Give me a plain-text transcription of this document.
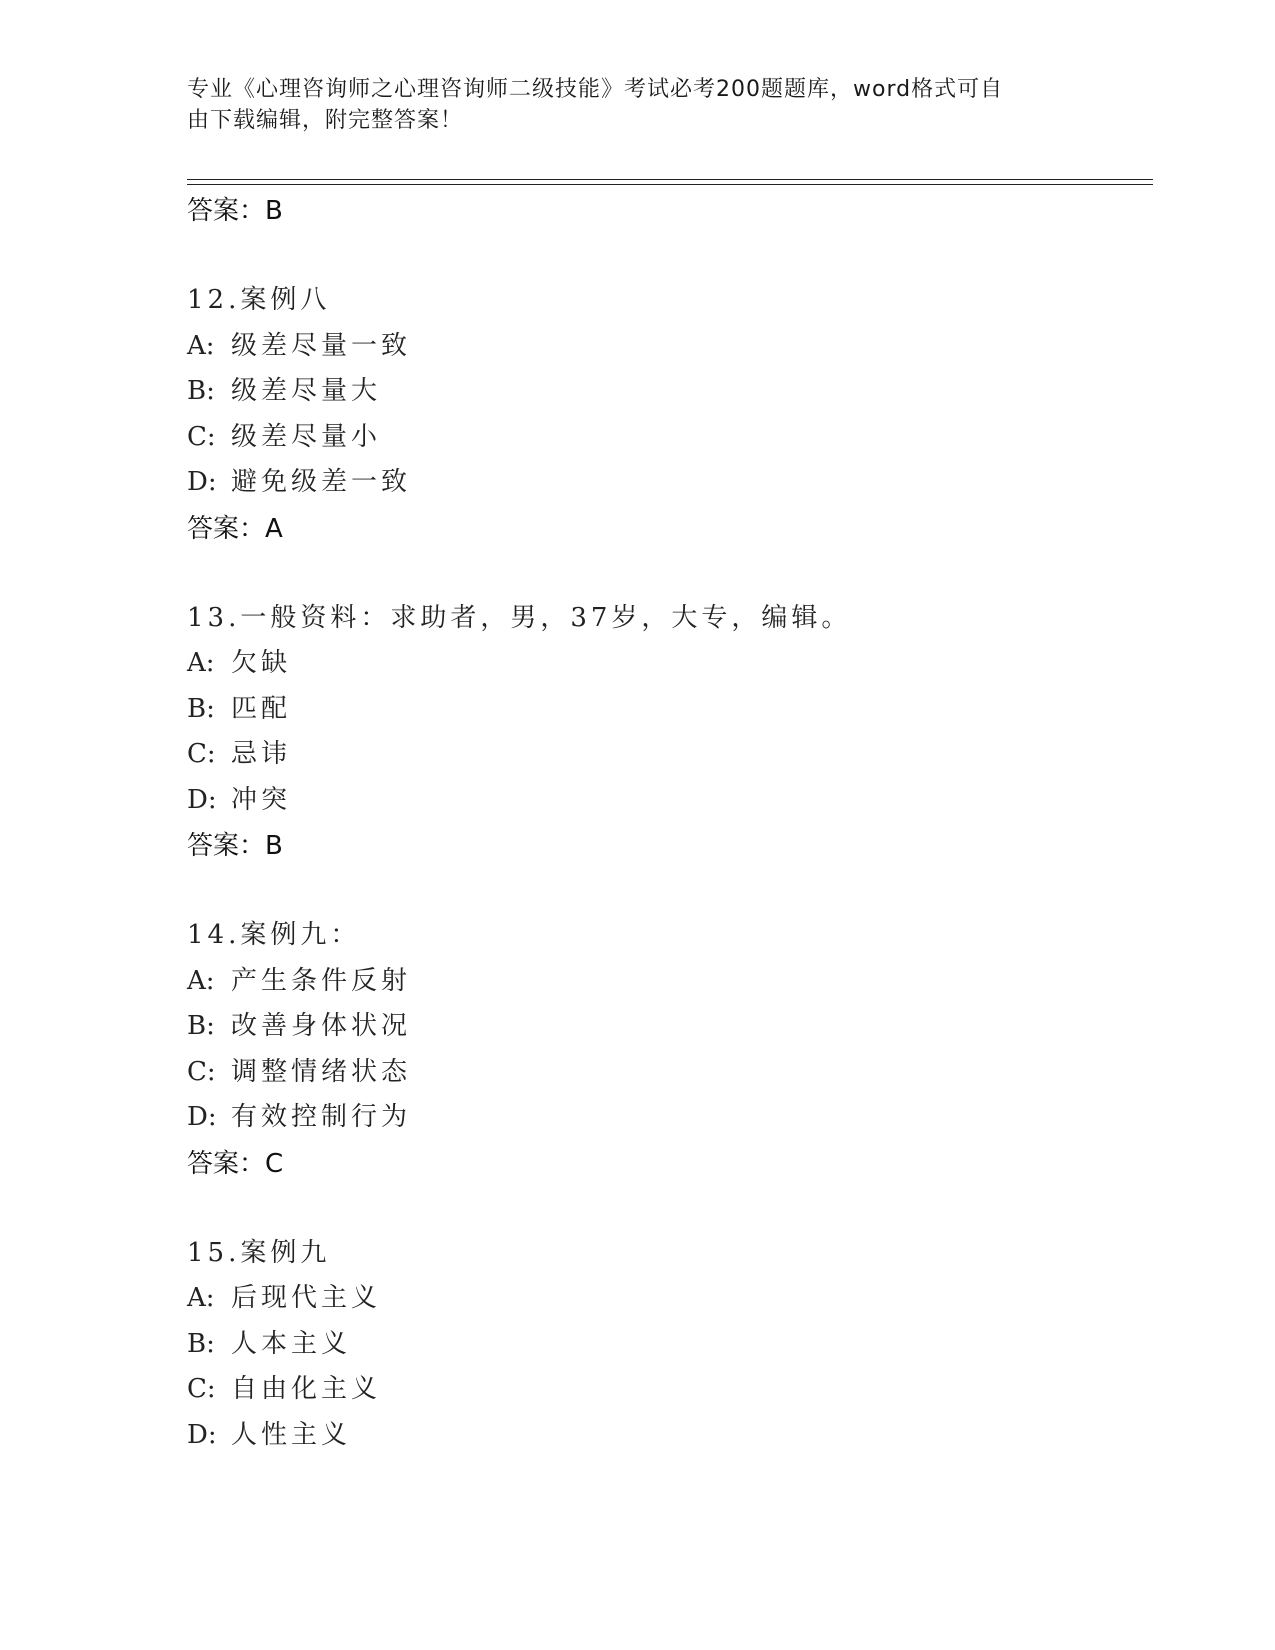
专业《心理咨询师之心理咨询师二级技能》考试必考200题题库，word格式可自
由下载编辑，附完整答案！
答案：B
12.案例八
A: 级差尽量一致
B: 级差尽量大
C: 级差尽量小
D: 避免级差一致
答案：A
13.一般资料：求助者，男，37岁，大专，编辑。
A: 欠缺
B: 匹配
C: 忌讳
D: 冲突
答案：B
14.案例九：
A: 产生条件反射
B: 改善身体状况
C: 调整情绪状态
D: 有效控制行为
答案：C
15.案例九
A: 后现代主义
B: 人本主义
C: 自由化主义
D: 人性主义
